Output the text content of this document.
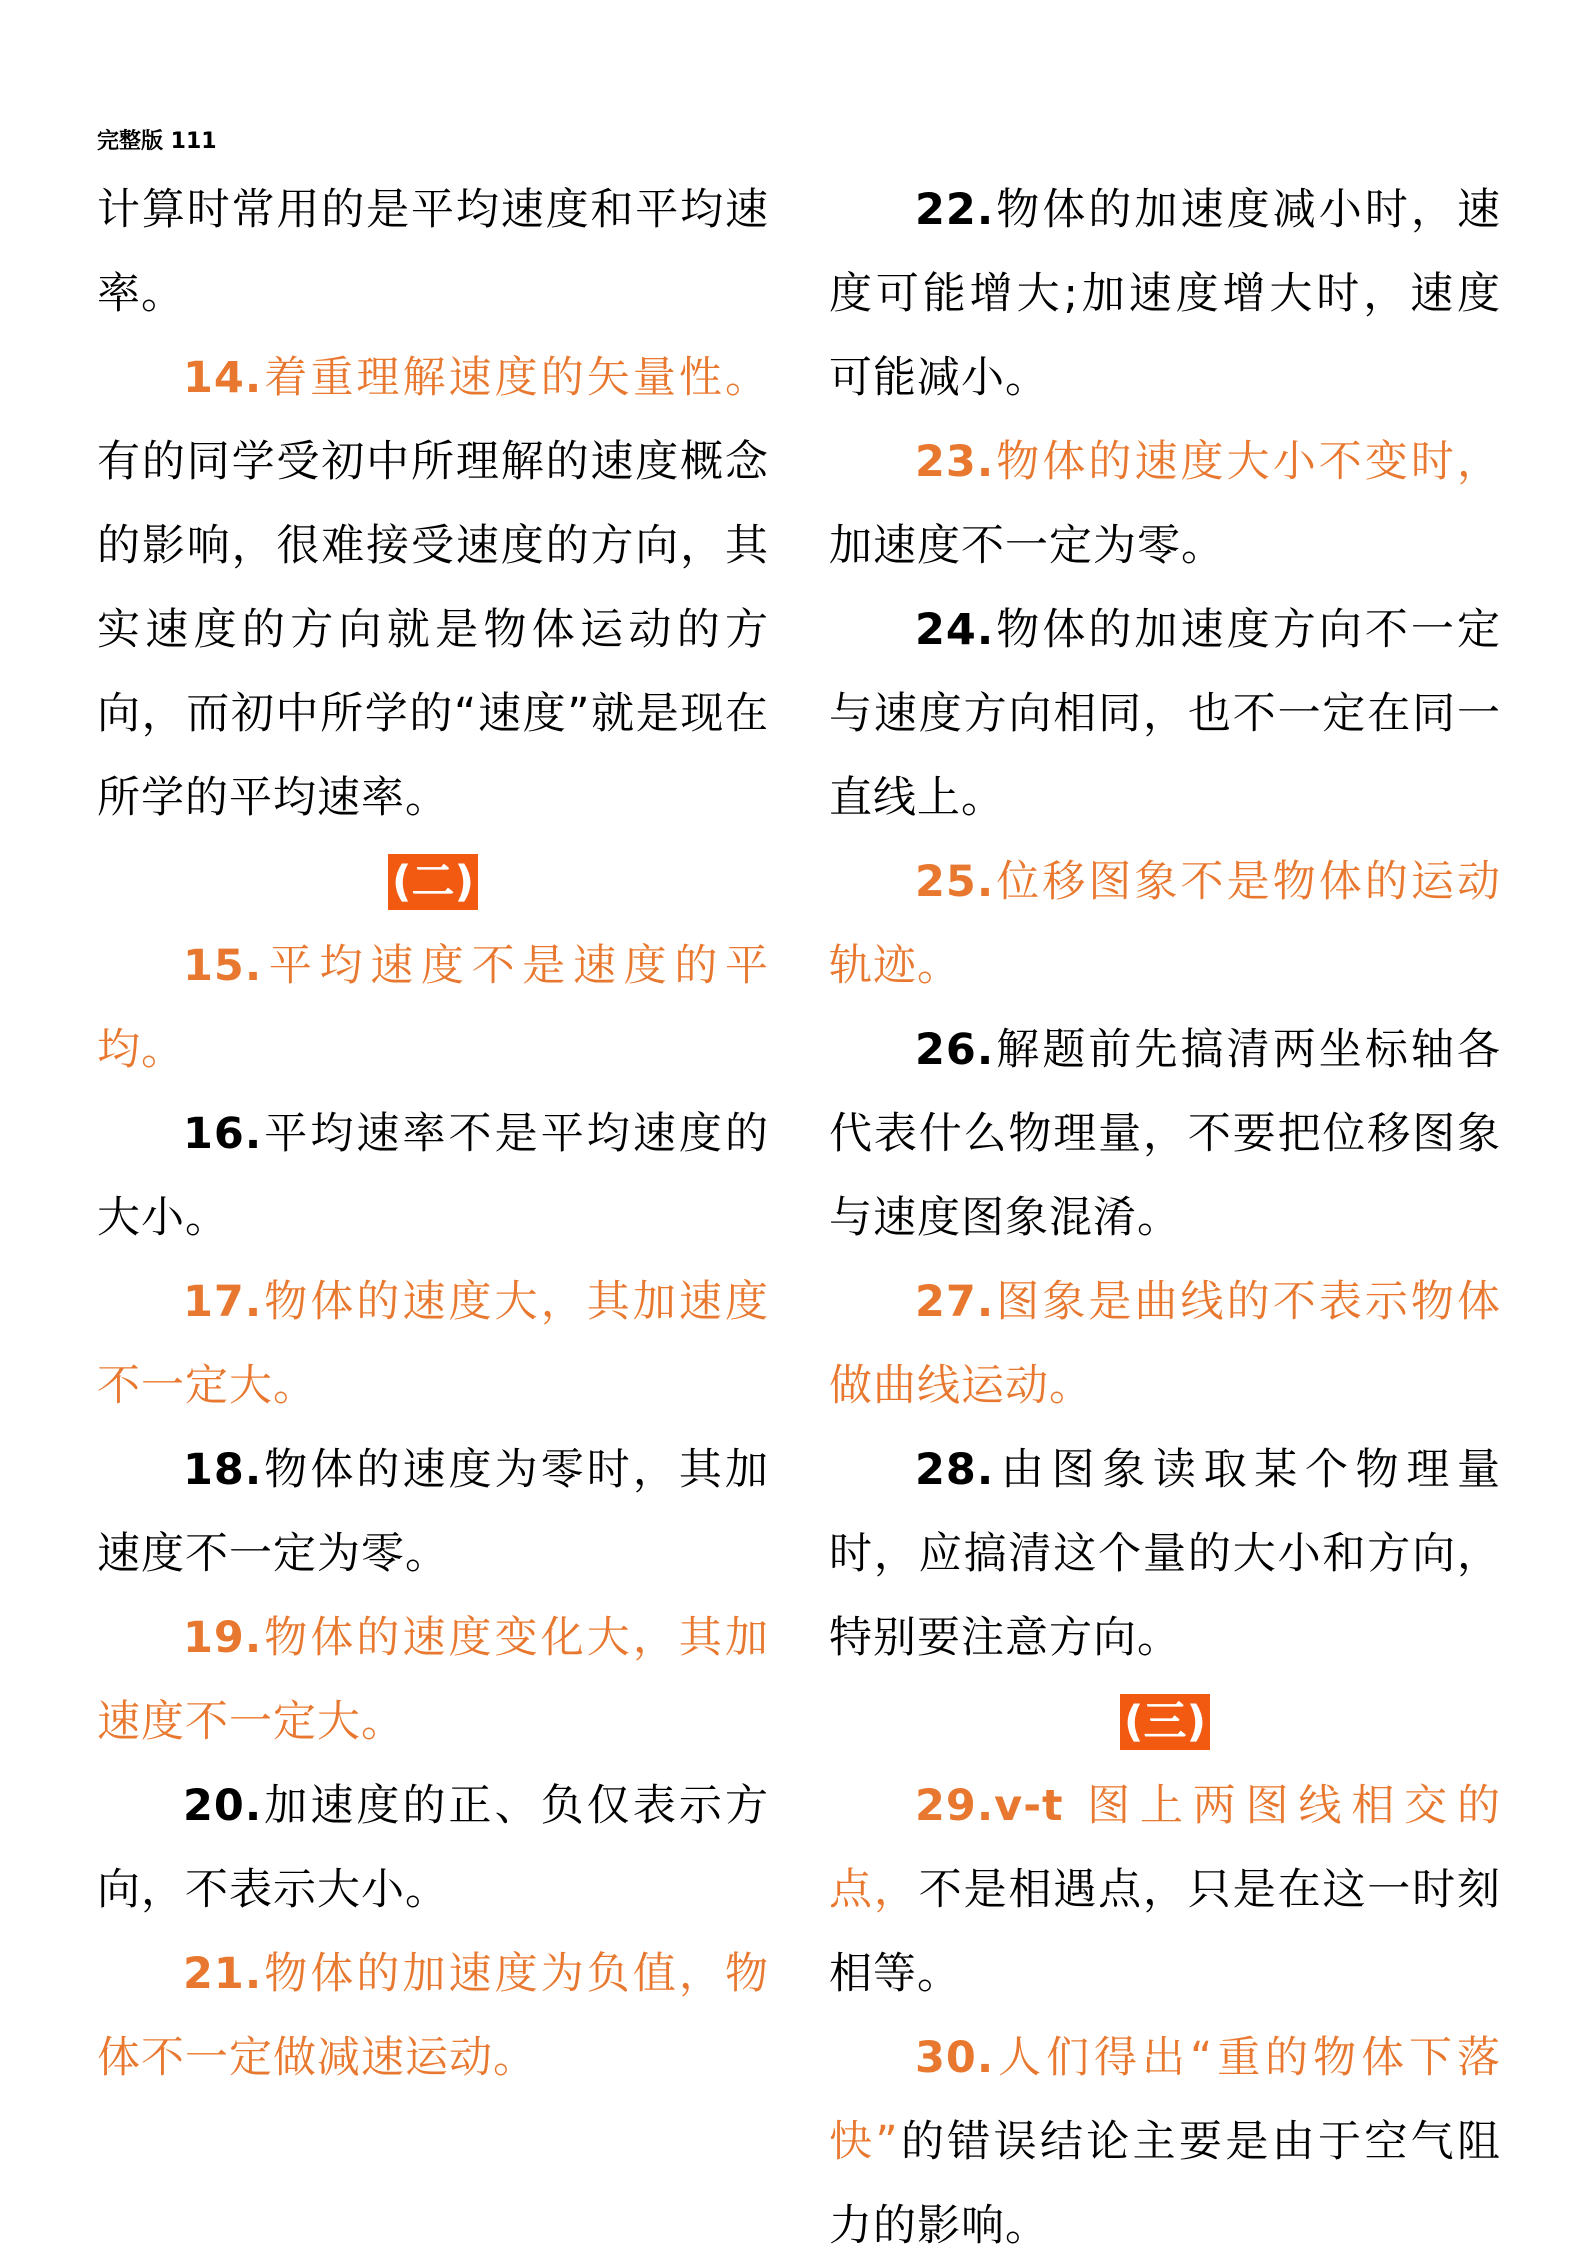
完整版 111

计算时常用的是平均速度和平均速率。

14.着重理解速度的矢量性。有的同学受初中所理解的速度概念的影响，很难接受速度的方向，其实速度的方向就是物体运动的方向，而初中所学的“速度”就是现在所学的平均速率。

(二)

15.平均速度不是速度的平均。

16.平均速率不是平均速度的大小。

17.物体的速度大，其加速度不一定大。

18.物体的速度为零时，其加速度不一定为零。

19.物体的速度变化大，其加速度不一定大。

20.加速度的正、负仅表示方向，不表示大小。

21.物体的加速度为负值，物体不一定做减速运动。

22.物体的加速度减小时，速度可能增大;加速度增大时，速度可能减小。

23.物体的速度大小不变时，加速度不一定为零。

24.物体的加速度方向不一定与速度方向相同，也不一定在同一直线上。

25.位移图象不是物体的运动轨迹。

26.解题前先搞清两坐标轴各代表什么物理量，不要把位移图象与速度图象混淆。

27.图象是曲线的不表示物体做曲线运动。

28.由图象读取某个物理量时，应搞清这个量的大小和方向，特别要注意方向。

(三)

29.v-t 图上两图线相交的点，不是相遇点，只是在这一时刻相等。

30.人们得出“重的物体下落快”的错误结论主要是由于空气阻力的影响。
